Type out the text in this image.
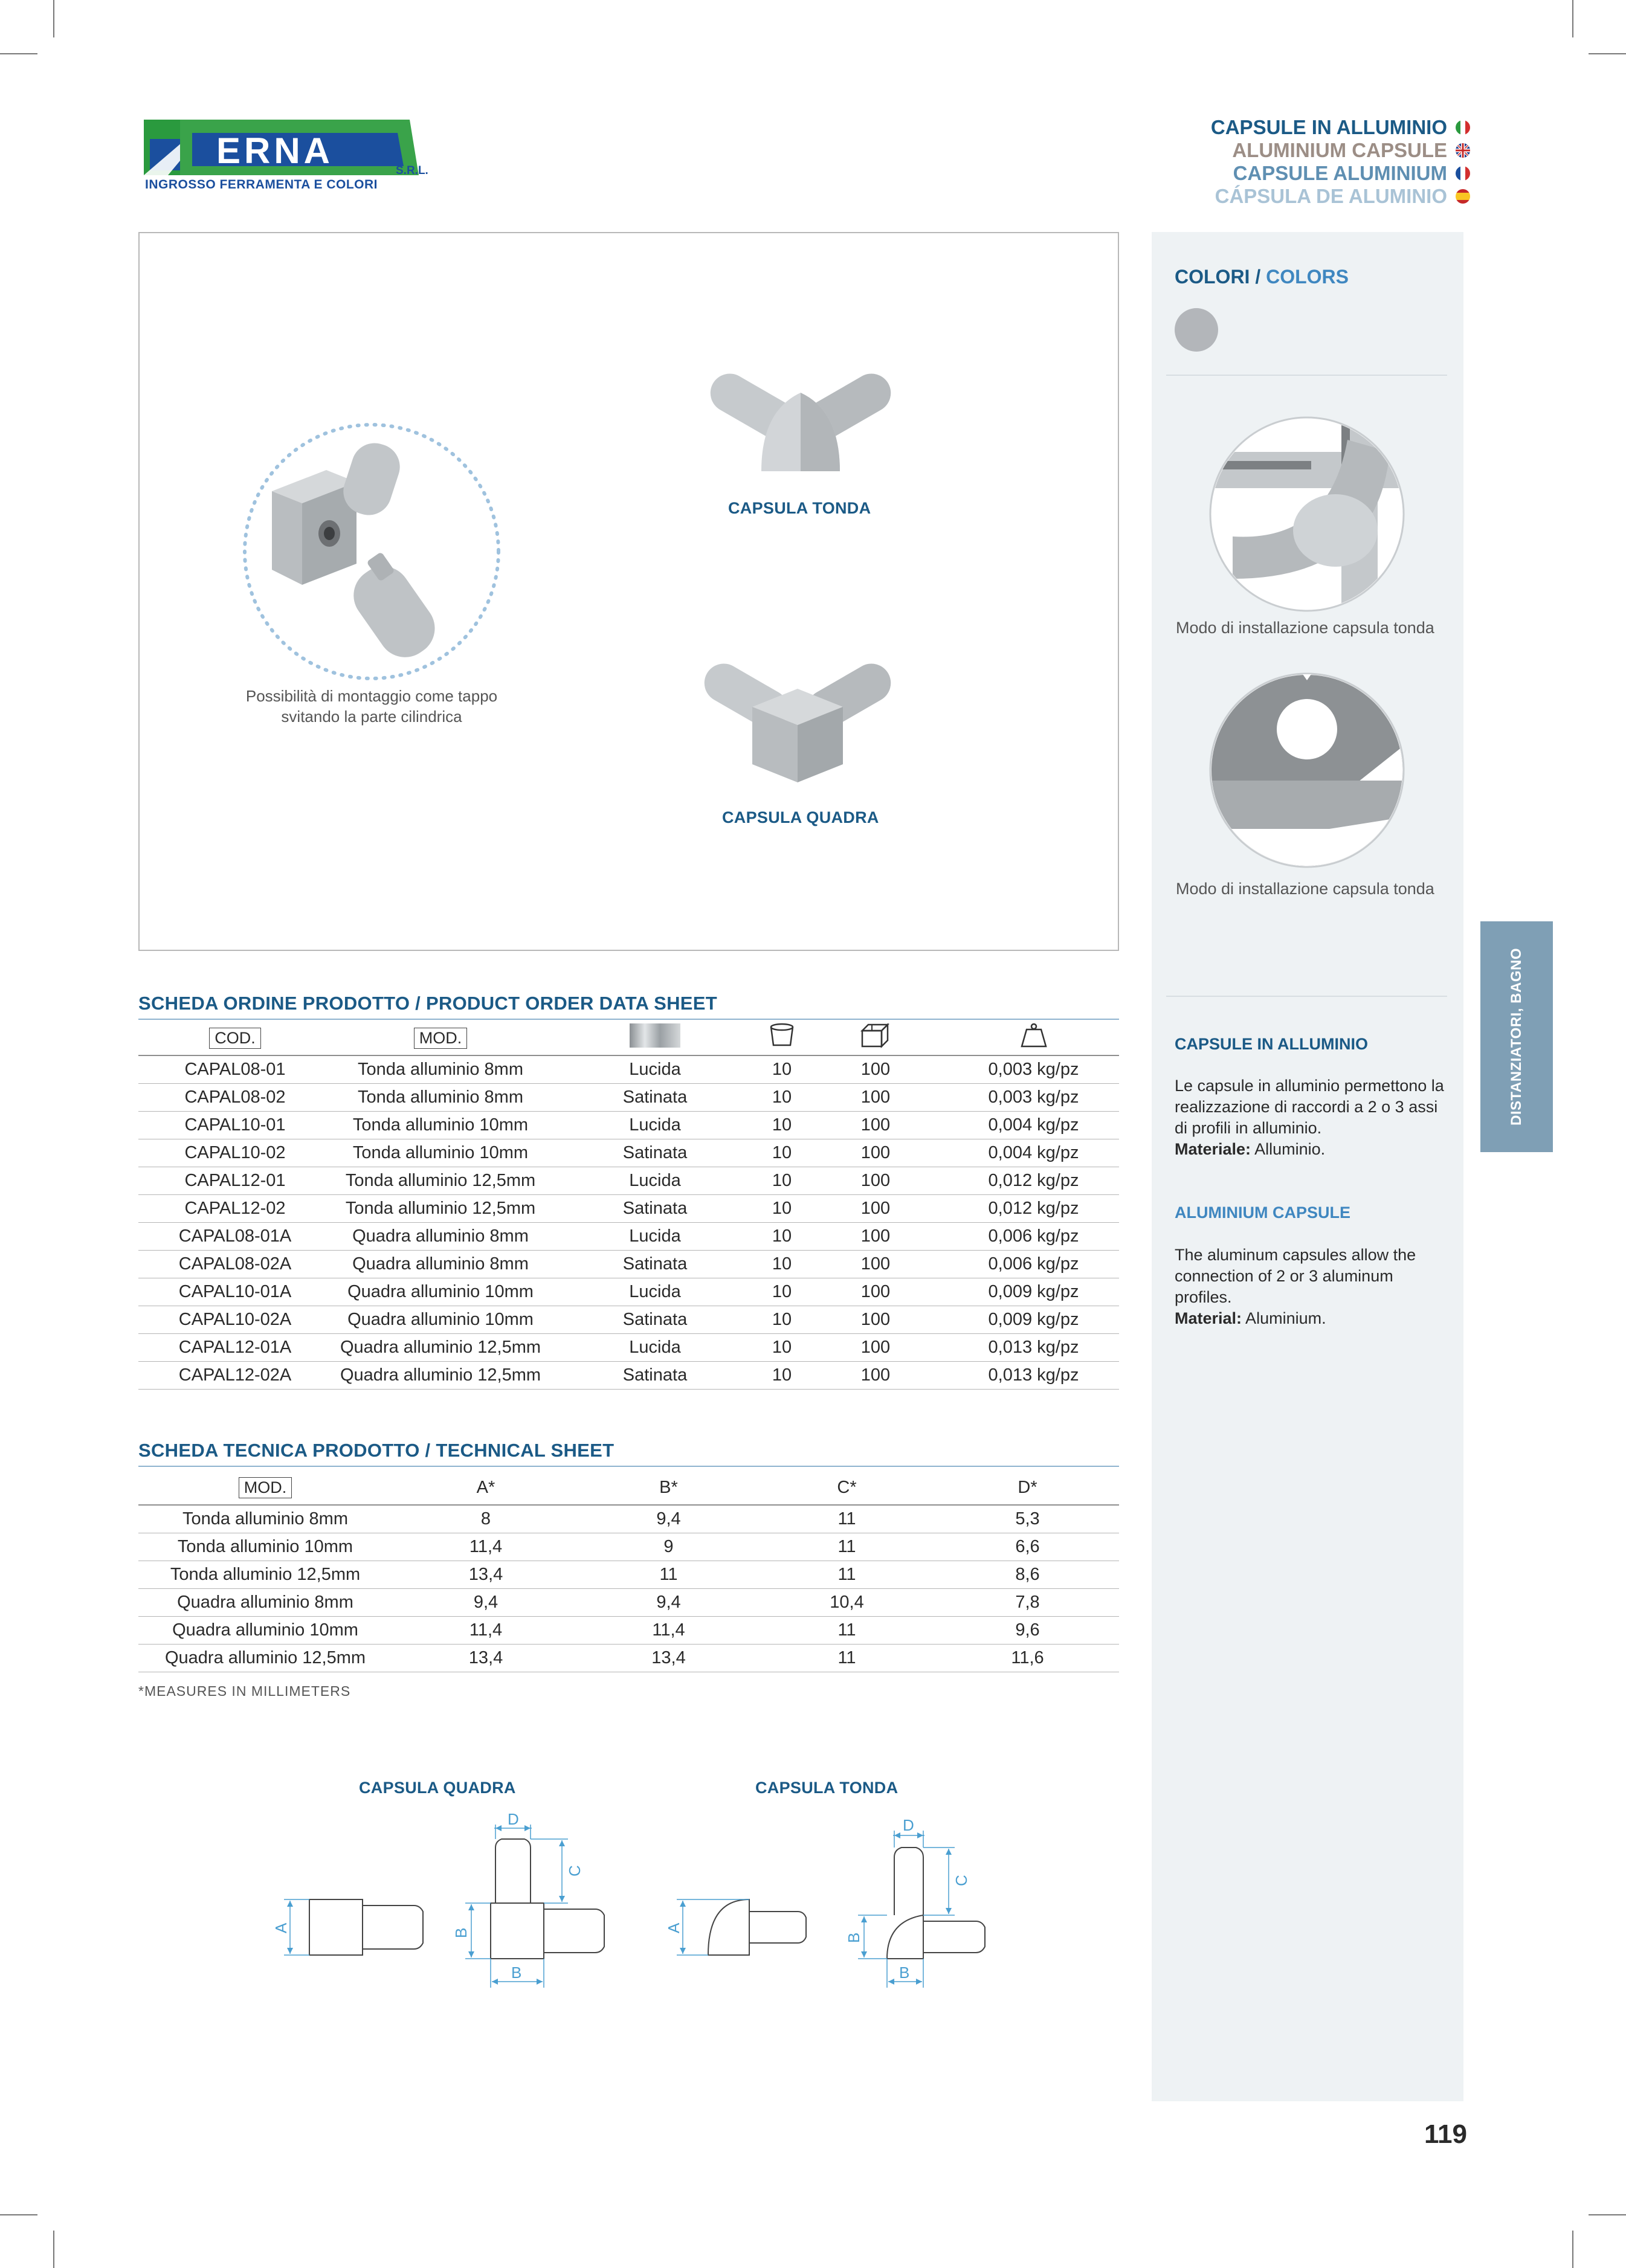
ERNA	S.R.L.
INGROSSO FERRAMENTA E COLORI
CAPSULE IN ALLUMINIO
ALUMINIUM CAPSULE
CAPSULE ALUMINIUM
CÁPSULA DE ALUMINIO
Possibilità di montaggio come tappo
svitando la parte cilindrica
CAPSULA TONDA
CAPSULA QUADRA
COLORI / COLORS
Modo di installazione capsula tonda
Modo di installazione capsula tonda
CAPSULE IN ALLUMINIO
Le capsule in alluminio permettono la realizzazione di raccordi a 2 o 3 assi di profili in alluminio.
Materiale: Alluminio.
ALUMINIUM CAPSULE
The aluminum capsules allow the connection of 2 or 3 aluminum profiles.
Material: Aluminium.
DISTANZIATORI, BAGNO
SCHEDA ORDINE PRODOTTO / PRODUCT ORDER DATA SHEET
COD.	MOD.				
CAPAL08-01	Tonda alluminio 8mm	Lucida	10	100	0,003 kg/pz
CAPAL08-02	Tonda alluminio 8mm	Satinata	10	100	0,003 kg/pz
CAPAL10-01	Tonda alluminio 10mm	Lucida	10	100	0,004 kg/pz
CAPAL10-02	Tonda alluminio 10mm	Satinata	10	100	0,004 kg/pz
CAPAL12-01	Tonda alluminio 12,5mm	Lucida	10	100	0,012 kg/pz
CAPAL12-02	Tonda alluminio 12,5mm	Satinata	10	100	0,012 kg/pz
CAPAL08-01A	Quadra alluminio 8mm	Lucida	10	100	0,006 kg/pz
CAPAL08-02A	Quadra alluminio 8mm	Satinata	10	100	0,006 kg/pz
CAPAL10-01A	Quadra alluminio 10mm	Lucida	10	100	0,009 kg/pz
CAPAL10-02A	Quadra alluminio 10mm	Satinata	10	100	0,009 kg/pz
CAPAL12-01A	Quadra alluminio 12,5mm	Lucida	10	100	0,013 kg/pz
CAPAL12-02A	Quadra alluminio 12,5mm	Satinata	10	100	0,013 kg/pz
SCHEDA TECNICA PRODOTTO / TECHNICAL SHEET
MOD.	A*	B*	C*	D*
Tonda alluminio 8mm	8	9,4	11	5,3
Tonda alluminio 10mm	11,4	9	11	6,6
Tonda alluminio 12,5mm	13,4	11	11	8,6
Quadra alluminio 8mm	9,4	9,4	10,4	7,8
Quadra alluminio 10mm	11,4	11,4	11	9,6
Quadra alluminio 12,5mm	13,4	13,4	11	11,6
*MEASURES IN MILLIMETERS
CAPSULA QUADRA	CAPSULA TONDA
A
D
C
B
B
A
D
C
B
B
119
